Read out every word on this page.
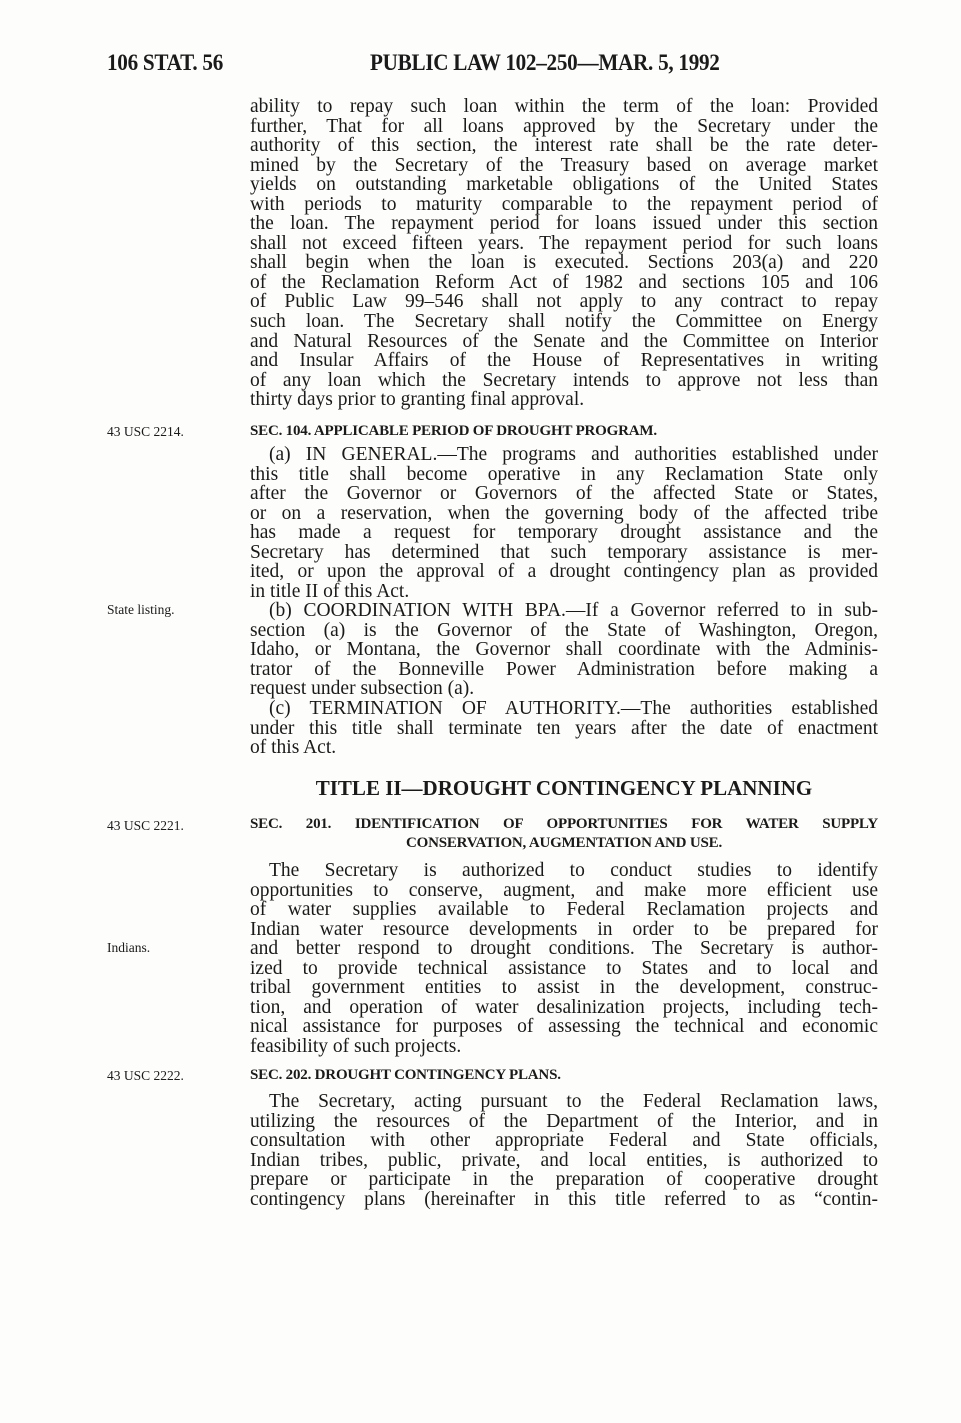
106 STAT. 56	PUBLIC LAW 102–250—MAR. 5, 1992
ability to repay such loan within the term of the loan: Provided
further, That for all loans approved by the Secretary under the
authority of this section, the interest rate shall be the rate deter-
mined by the Secretary of the Treasury based on average market
yields on outstanding marketable obligations of the United States
with periods to maturity comparable to the repayment period of
the loan. The repayment period for loans issued under this section
shall not exceed fifteen years. The repayment period for such loans
shall begin when the loan is executed. Sections 203(a) and 220
of the Reclamation Reform Act of 1982 and sections 105 and 106
of Public Law 99–546 shall not apply to any contract to repay
such loan. The Secretary shall notify the Committee on Energy
and Natural Resources of the Senate and the Committee on Interior
and Insular Affairs of the House of Representatives in writing
of any loan which the Secretary intends to approve not less than
thirty days prior to granting final approval.
43 USC 2214.	SEC. 104. APPLICABLE PERIOD OF DROUGHT PROGRAM.
(a) IN GENERAL.—The programs and authorities established under
this title shall become operative in any Reclamation State only
after the Governor or Governors of the affected State or States,
or on a reservation, when the governing body of the affected tribe
has made a request for temporary drought assistance and the
Secretary has determined that such temporary assistance is mer-
ited, or upon the approval of a drought contingency plan as provided
in title II of this Act.
State listing.	(b) COORDINATION WITH BPA.—If a Governor referred to in sub-
section (a) is the Governor of the State of Washington, Oregon,
Idaho, or Montana, the Governor shall coordinate with the Adminis-
trator of the Bonneville Power Administration before making a
request under subsection (a).
(c) TERMINATION OF AUTHORITY.—The authorities established
under this title shall terminate ten years after the date of enactment
of this Act.
TITLE II—DROUGHT CONTINGENCY PLANNING
43 USC 2221.	SEC. 201. IDENTIFICATION OF OPPORTUNITIES FOR WATER SUPPLY
CONSERVATION, AUGMENTATION AND USE.
The Secretary is authorized to conduct studies to identify
opportunities to conserve, augment, and make more efficient use
of water supplies available to Federal Reclamation projects and
Indian water resource developments in order to be prepared for
and better respond to drought conditions. The Secretary is author-
ized to provide technical assistance to States and to local and
tribal government entities to assist in the development, construc-
tion, and operation of water desalinization projects, including tech-
nical assistance for purposes of assessing the technical and economic
feasibility of such projects.
Indians.
43 USC 2222.	SEC. 202. DROUGHT CONTINGENCY PLANS.
The Secretary, acting pursuant to the Federal Reclamation laws,
utilizing the resources of the Department of the Interior, and in
consultation with other appropriate Federal and State officials,
Indian tribes, public, private, and local entities, is authorized to
prepare or participate in the preparation of cooperative drought
contingency plans (hereinafter in this title referred to as “contin-
